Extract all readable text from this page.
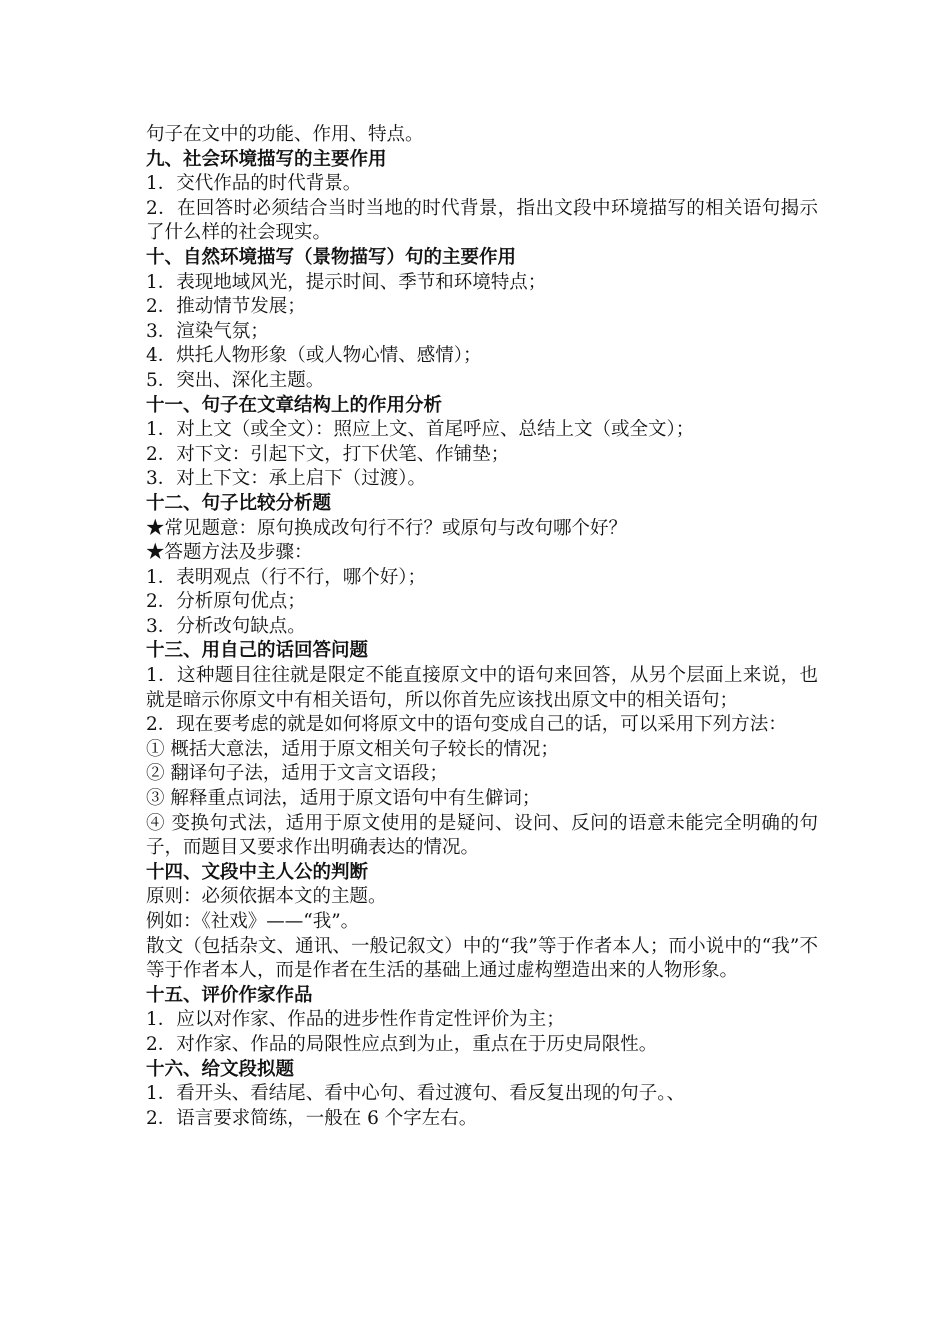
句子在文中的功能、作用、特点。
九、社会环境描写的主要作用
1．交代作品的时代背景。
2．在回答时必须结合当时当地的时代背景，指出文段中环境描写的相关语句揭示了什么样的社会现实。
十、自然环境描写（景物描写）句的主要作用
1．表现地域风光，提示时间、季节和环境特点；
2．推动情节发展；
3．渲染气氛；
4．烘托人物形象（或人物心情、感情）；
5．突出、深化主题。
十一、句子在文章结构上的作用分析
1．对上文（或全文）：照应上文、首尾呼应、总结上文（或全文）；
2．对下文：引起下文，打下伏笔、作铺垫；
3．对上下文：承上启下（过渡）。
十二、句子比较分析题
★常见题意：原句换成改句行不行？或原句与改句哪个好？
★答题方法及步骤：
1．表明观点（行不行，哪个好）；
2．分析原句优点；
3．分析改句缺点。
十三、用自己的话回答问题
1．这种题目往往就是限定不能直接原文中的语句来回答，从另个层面上来说，也就是暗示你原文中有相关语句，所以你首先应该找出原文中的相关语句；
2．现在要考虑的就是如何将原文中的语句变成自己的话，可以采用下列方法：
① 概括大意法，适用于原文相关句子较长的情况；
② 翻译句子法，适用于文言文语段；
③ 解释重点词法，适用于原文语句中有生僻词；
④ 变换句式法，适用于原文使用的是疑问、设问、反问的语意未能完全明确的句子，而题目又要求作出明确表达的情况。
十四、文段中主人公的判断
原则：必须依据本文的主题。
例如：《社戏》——“我”。
散文（包括杂文、通讯、一般记叙文）中的“我”等于作者本人；而小说中的“我”不等于作者本人，而是作者在生活的基础上通过虚构塑造出来的人物形象。
十五、评价作家作品
1．应以对作家、作品的进步性作肯定性评价为主；
2．对作家、作品的局限性应点到为止，重点在于历史局限性。
十六、给文段拟题
1．看开头、看结尾、看中心句、看过渡句、看反复出现的句子。、
2．语言要求简练，一般在 6 个字左右。
